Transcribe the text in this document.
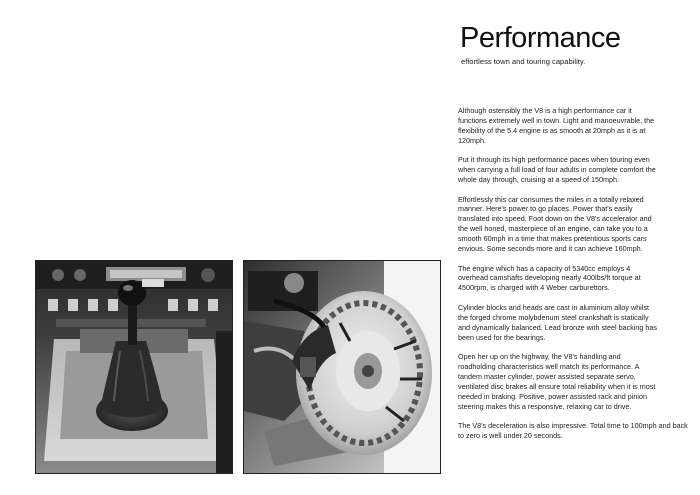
Performance

effortless town and touring capability.

Although ostensibly the V8 is a high performance car it functions extremely well in town. Light and manoeuvrable, the flexibility of the 5.4 engine is as smooth at 20mph as it is at 120mph.

Put it through its high performance paces when touring even when carrying a full load of four adults in complete comfort the whole day through, cruising at a speed of 150mph.

Effortlessly this car consumes the miles in a totally relaxed manner. Here's power to go places. Power that's easily translated into speed. Foot down on the V8's accelerator and the well honed, masterpiece of an engine, can take you to a smooth 60mph in a time that makes pretentious sports cars envious. Some seconds more and it can achieve 160mph.

The engine which has a capacity of 5340cc employs 4 overhead camshafts developing nearly 400lbs/ft torque at 4500rpm, is charged with 4 Weber carburettors.

Cylinder blocks and heads are cast in aluminium alloy whilst the forged chrome molybdenum steel crankshaft is statically and dynamically balanced. Lead bronze with steel backing has been used for the bearings.

Open her up on the highway, the V8's handling and roadholding characteristics well match its performance. A tandem master cylinder, power assisted separate servo, ventilated disc brakes all ensure total reliability when it is most needed in braking. Positive, power assisted rack and pinion steering makes this a responsive, relaxing car to drive.

The V8's deceleration is also impressive. Total time to 100mph and back to zero is well under 20 seconds.
